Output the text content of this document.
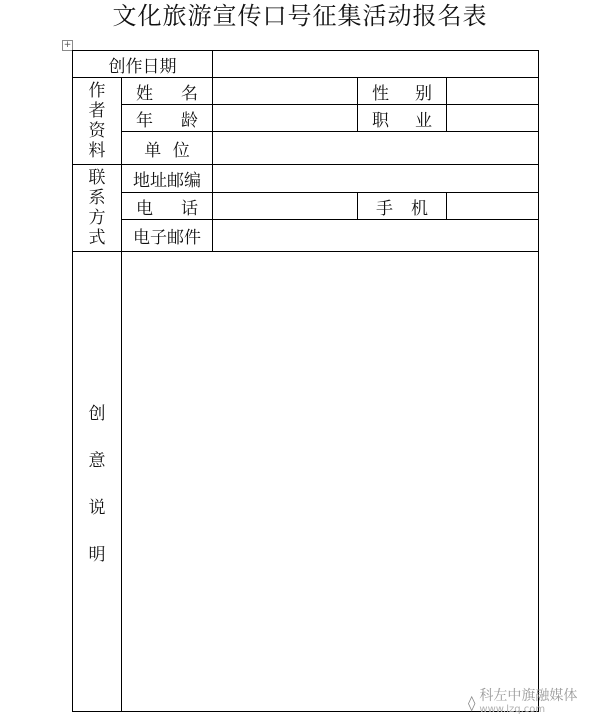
文化旅游宣传口号征集活动报名表
+
创作日期
作
者
资
料
姓 名	性 别
年 龄	职 业
单 位
联
系
方
式
地址邮编
电 话	手 机
电子邮件
创
意
说
明
◊ 科左中旗融媒体
www.lzq.com
